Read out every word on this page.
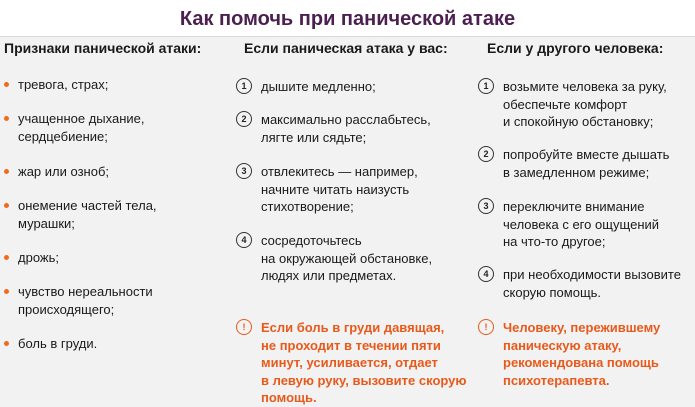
Как помочь при панической атаке
Признаки панической атаки:
тревога, страх;
учащенное дыхание,
сердцебиение;
жар или озноб;
онемение частей тела,
мурашки;
дрожь;
чувство нереальности
происходящего;
боль в груди.
Если паническая атака у вас:
1	дышите медленно;
2	максимально расслабьтесь,
лягте или сядьте;
3	отвлекитесь — например,
начните читать наизусть
стихотворение;
4	сосредоточьтесь
на окружающей обстановке,
людях или предметах.
!	Если боль в груди давящая,
не проходит в течении пяти
минут, усиливается, отдает
в левую руку, вызовите скорую
помощь.
Если у другого человека:
1	возьмите человека за руку,
обеспечьте комфорт
и спокойную обстановку;
2	попробуйте вместе дышать
в замедленном режиме;
3	переключите внимание
человека с его ощущений
на что-то другое;
4	при необходимости вызовите
скорую помощь.
!	Человеку, пережившему
паническую атаку,
рекомендована помощь
психотерапевта.
